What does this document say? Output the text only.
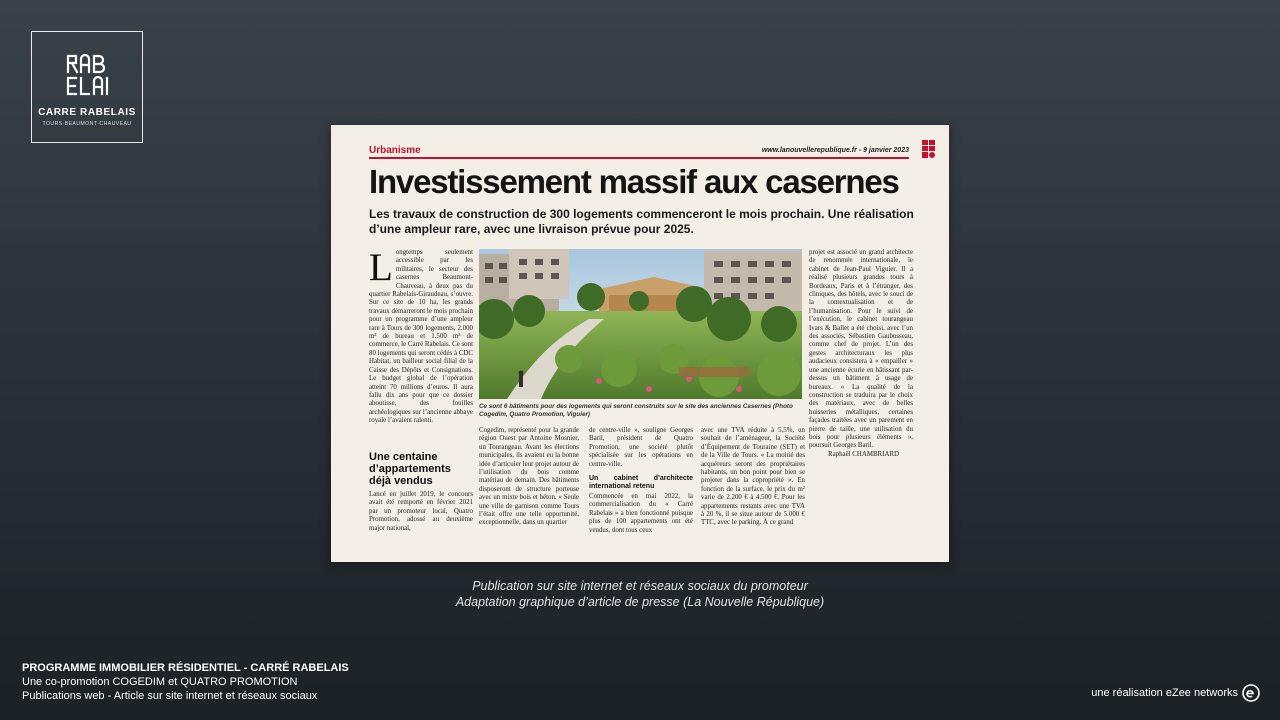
CARRE RABELAIS
TOURS·BEAUMONT·CHAUVEAU
Urbanisme	www.lanouvellerepublique.fr - 9 janvier 2023
Investissement massif aux casernes
Les travaux de construction de 300 logements commenceront le mois prochain. Une réalisation d’une ampleur rare, avec une livraison prévue pour 2025.
Longtemps seulement accessible par les militaires, le secteur des casernes Beaumont-Chauveau, à deux pas du quartier Rabelais-Giraudeau, s’ouvre. Sur ce site de 10 ha, les grands travaux démarreront le mois prochain pour un programme d’une ampleur rare à Tours de 300 logements, 2.000 m² de bureau et 1.500 m² de commerce, le Carré Rabelais. Ce sont 80 logements qui seront cédés à CDC Habitat, un bailleur social filial de la Caisse des Dépôts et Consignations. Le budget global de l’opération atteint 70 millions d’euros. Il aura fallu dix ans pour que ce dossier aboutisse, des fouilles archéologiques sur l’ancienne abbaye royale l’avaient ralenti.
Une centaine d’appartements déjà vendus
Lancé en juillet 2019, le concours avait été remporté en février 2021 par un promoteur local, Quatro Promotion, adossé au deuxième major national,
Ce sont 6 bâtiments pour des logements qui seront construits sur le site des anciennes Casernes (Photo Cogedim, Quatro Promotion, Viguier)
Cogedim, représenté pour la grande région Ouest par Antoine Mosnier, un Tourangeau. Avant les élections municipales, ils avaient eu la bonne idée d’articuler leur projet autour de l’utilisation du bois comme matériau de demain. Des bâtiments disposeront de structure porteuse avec un mixte bois et béton. « Seule une ville de garnison comme Tours l’était offre une telle opportunité, exceptionnelle, dans un quartier

de centre-ville », souligne Georges Baril, président de Quatro Promotion, une société plutôt spécialisée sur les opérations en centre-ville.

Un cabinet d’architecte international retenu

Commencée en mai 2022, la commercialisation du « Carré Rabelais » a bien fonctionné puisque plus de 100 appartements ont été vendus, dont tous ceux

avec une TVA réduite à 5,5%, un souhait de l’aménageur, la Société d’Équipement de Touraine (SET) et de la Ville de Tours. « La moitié des acquéreurs seront des propriétaires habitants, un bon point pour bien se projeter dans la copropriété ». En fonction de la surface, le prix du m² varie de 2.200 € à 4.500 €. Pour les appartements restants avec une TVA à 20 %, il se situe autour de 5.000 € TTC, avec le parking. À ce grand

projet est associé un grand architecte de renommée internationale, le cabinet de Jean-Paul Viguier. Il a réalisé plusieurs grandes tours à Bordeaux, Paris et à l’étranger, des cliniques, des hôtels, avec le souci de la contextualisation et de l’humanisation. Pour le suivi de l’exécution, le cabinet tourangeau Ivars & Ballet a été choisi, avec l’un des associés, Sébastien Gaubusseau, comme chef de projet. L’un des gestes architecturaux les plus audacieux consistera à « empailler » une ancienne écurie en bâtissant par-dessus un bâtiment à usage de bureaux. « La qualité de la construction se traduira par le choix des matériaux, avec de belles huisseries métalliques, certaines façades traitées avec un parement en pierre de taille, une utilisation du bois pour plusieurs éléments », poursuit Georges Baril.

Raphaël CHAMBRIARD

Publication sur site internet et réseaux sociaux du promoteur
Adaptation graphique d’article de presse (La Nouvelle République)
PROGRAMME IMMOBILIER RÉSIDENTIEL - CARRÉ RABELAIS
Une co-promotion COGEDIM et QUATRO PROMOTION
Publications web - Article sur site internet et réseaux sociaux	une réalisation eZee networks
